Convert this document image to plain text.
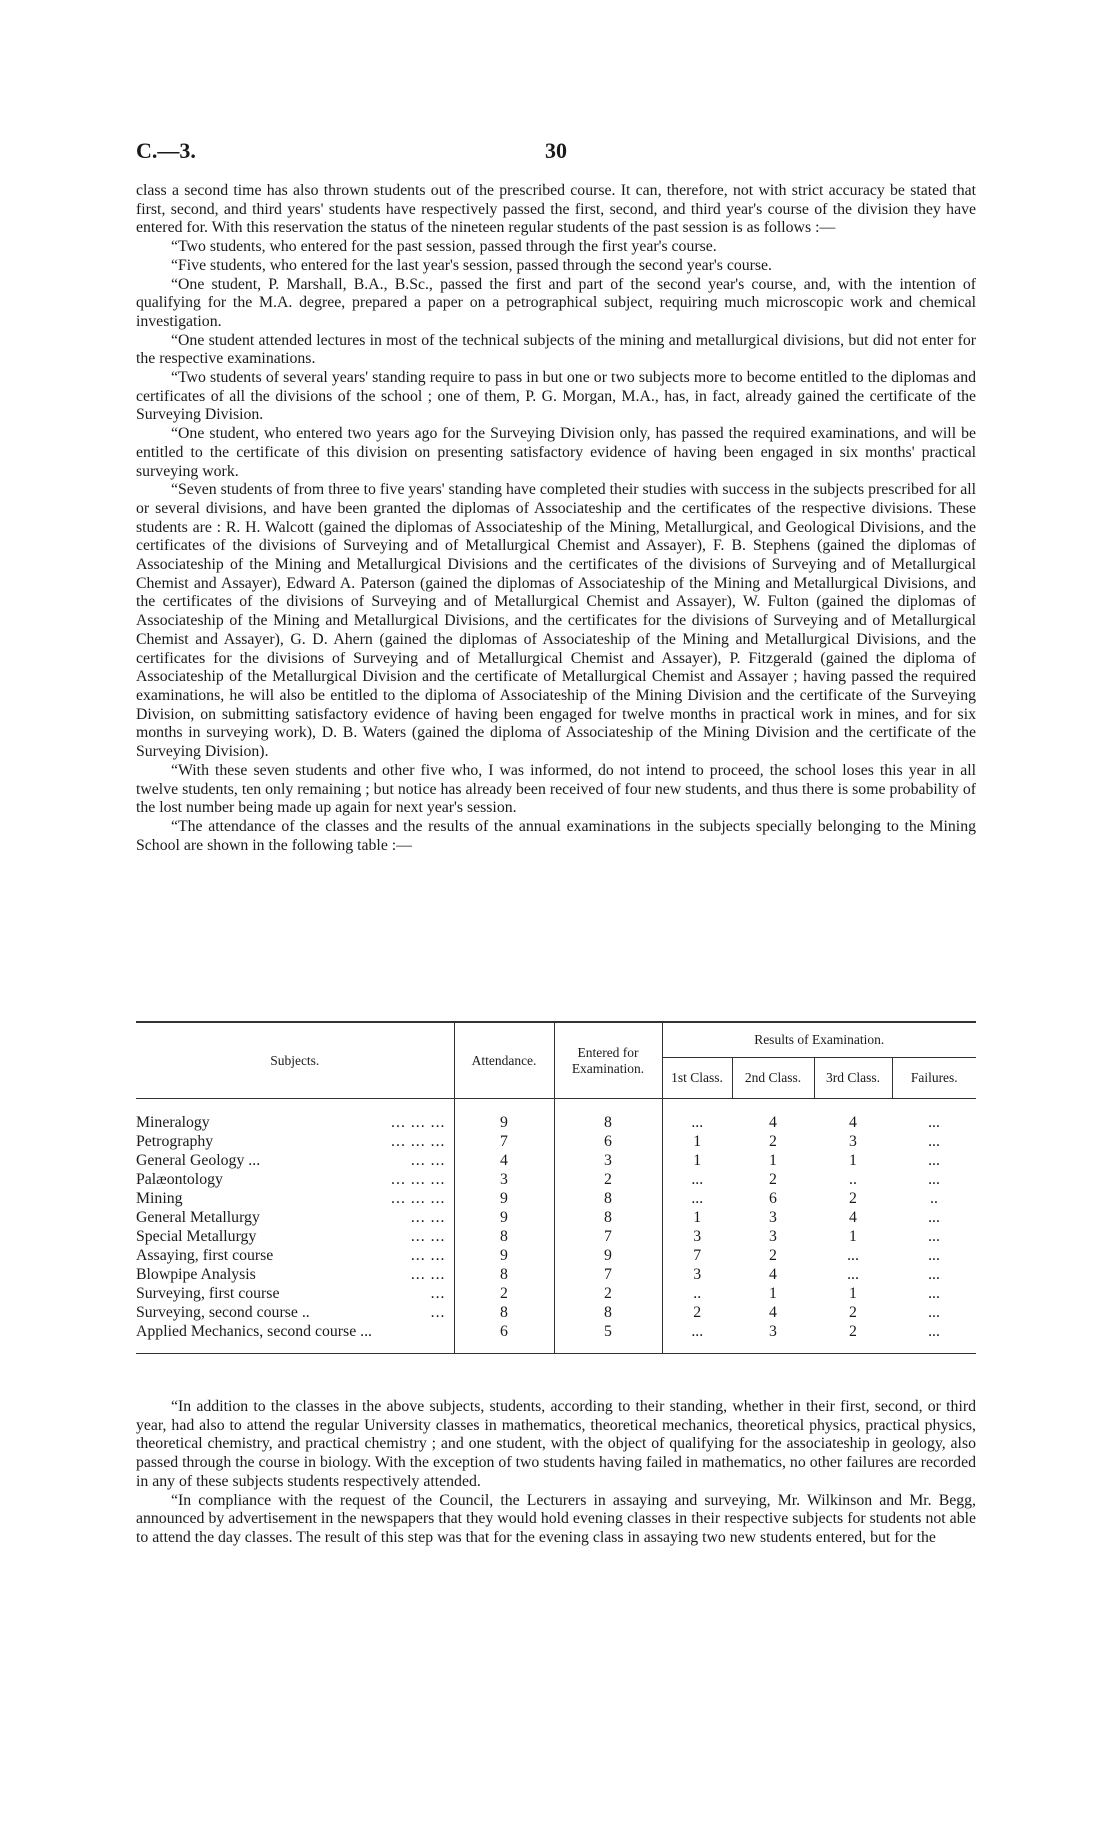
C.—3.	30

class a second time has also thrown students out of the prescribed course. It can, therefore, not with strict accuracy be stated that first, second, and third years' students have respectively passed the first, second, and third year's course of the division they have entered for. With this reservation the status of the nineteen regular students of the past session is as follows :—

“Two students, who entered for the past session, passed through the first year's course.

“Five students, who entered for the last year's session, passed through the second year's course.

“One student, P. Marshall, B.A., B.Sc., passed the first and part of the second year's course, and, with the intention of qualifying for the M.A. degree, prepared a paper on a petrographical subject, requiring much microscopic work and chemical investigation.

“One student attended lectures in most of the technical subjects of the mining and metallurgical divisions, but did not enter for the respective examinations.

“Two students of several years' standing require to pass in but one or two subjects more to become entitled to the diplomas and certificates of all the divisions of the school ; one of them, P. G. Morgan, M.A., has, in fact, already gained the certificate of the Surveying Division.

“One student, who entered two years ago for the Surveying Division only, has passed the required examinations, and will be entitled to the certificate of this division on presenting satisfactory evidence of having been engaged in six months' practical surveying work.

“Seven students of from three to five years' standing have completed their studies with success in the subjects prescribed for all or several divisions, and have been granted the diplomas of Associateship and the certificates of the respective divisions. These students are : R. H. Walcott (gained the diplomas of Associateship of the Mining, Metallurgical, and Geological Divisions, and the certificates of the divisions of Surveying and of Metallurgical Chemist and Assayer), F. B. Stephens (gained the diplomas of Associateship of the Mining and Metallurgical Divisions and the certificates of the divisions of Surveying and of Metallurgical Chemist and Assayer), Edward A. Paterson (gained the diplomas of Associateship of the Mining and Metallurgical Divisions, and the certificates of the divisions of Surveying and of Metallurgical Chemist and Assayer), W. Fulton (gained the diplomas of Associateship of the Mining and Metallurgical Divisions, and the certificates for the divisions of Surveying and of Metallurgical Chemist and Assayer), G. D. Ahern (gained the diplomas of Associateship of the Mining and Metallurgical Divisions, and the certificates for the divisions of Surveying and of Metallurgical Chemist and Assayer), P. Fitzgerald (gained the diploma of Associateship of the Metallurgical Division and the certificate of Metallurgical Chemist and Assayer ; having passed the required examinations, he will also be entitled to the diploma of Associateship of the Mining Division and the certificate of the Surveying Division, on submitting satisfactory evidence of having been engaged for twelve months in practical work in mines, and for six months in surveying work), D. B. Waters (gained the diploma of Associateship of the Mining Division and the certificate of the Surveying Division).

“With these seven students and other five who, I was informed, do not intend to proceed, the school loses this year in all twelve students, ten only remaining ; but notice has already been received of four new students, and thus there is some probability of the lost number being made up again for next year's session.

“The attendance of the classes and the results of the annual examinations in the subjects specially belonging to the Mining School are shown in the following table :—

Subjects.	Attendance.	Entered for Examination.	Results of Examination.			
			1st Class.	2nd Class.	3rd Class.	Failures.

... ... ...
Mineralogy	9	8	...	4	4	...

... ... ...
Petrography	7	6	1	2	3	...

... ...
General Geology ...	4	3	1	1	1	...

... ... ...
Palæontology	3	2	...	2	..	...

... ... ...
Mining	9	8	...	6	2	..

... ...
General Metallurgy	9	8	1	3	4	...

... ...
Special Metallurgy	8	7	3	3	1	...

... ...
Assaying, first course	9	9	7	2	...	...

... ...
Blowpipe Analysis	8	7	3	4	...	...

...
Surveying, first course	2	2	..	1	1	...

...
Surveying, second course ..	8	8	2	4	2	...

Applied Mechanics, second course ...	6	5	...	3	2	...

“In addition to the classes in the above subjects, students, according to their standing, whether in their first, second, or third year, had also to attend the regular University classes in mathematics, theoretical mechanics, theoretical physics, practical physics, theoretical chemistry, and practical chemistry ; and one student, with the object of qualifying for the associateship in geology, also passed through the course in biology. With the exception of two students having failed in mathematics, no other failures are recorded in any of these subjects students respectively attended.

“In compliance with the request of the Council, the Lecturers in assaying and surveying, Mr. Wilkinson and Mr. Begg, announced by advertisement in the newspapers that they would hold evening classes in their respective subjects for students not able to attend the day classes. The result of this step was that for the evening class in assaying two new students entered, but for the
